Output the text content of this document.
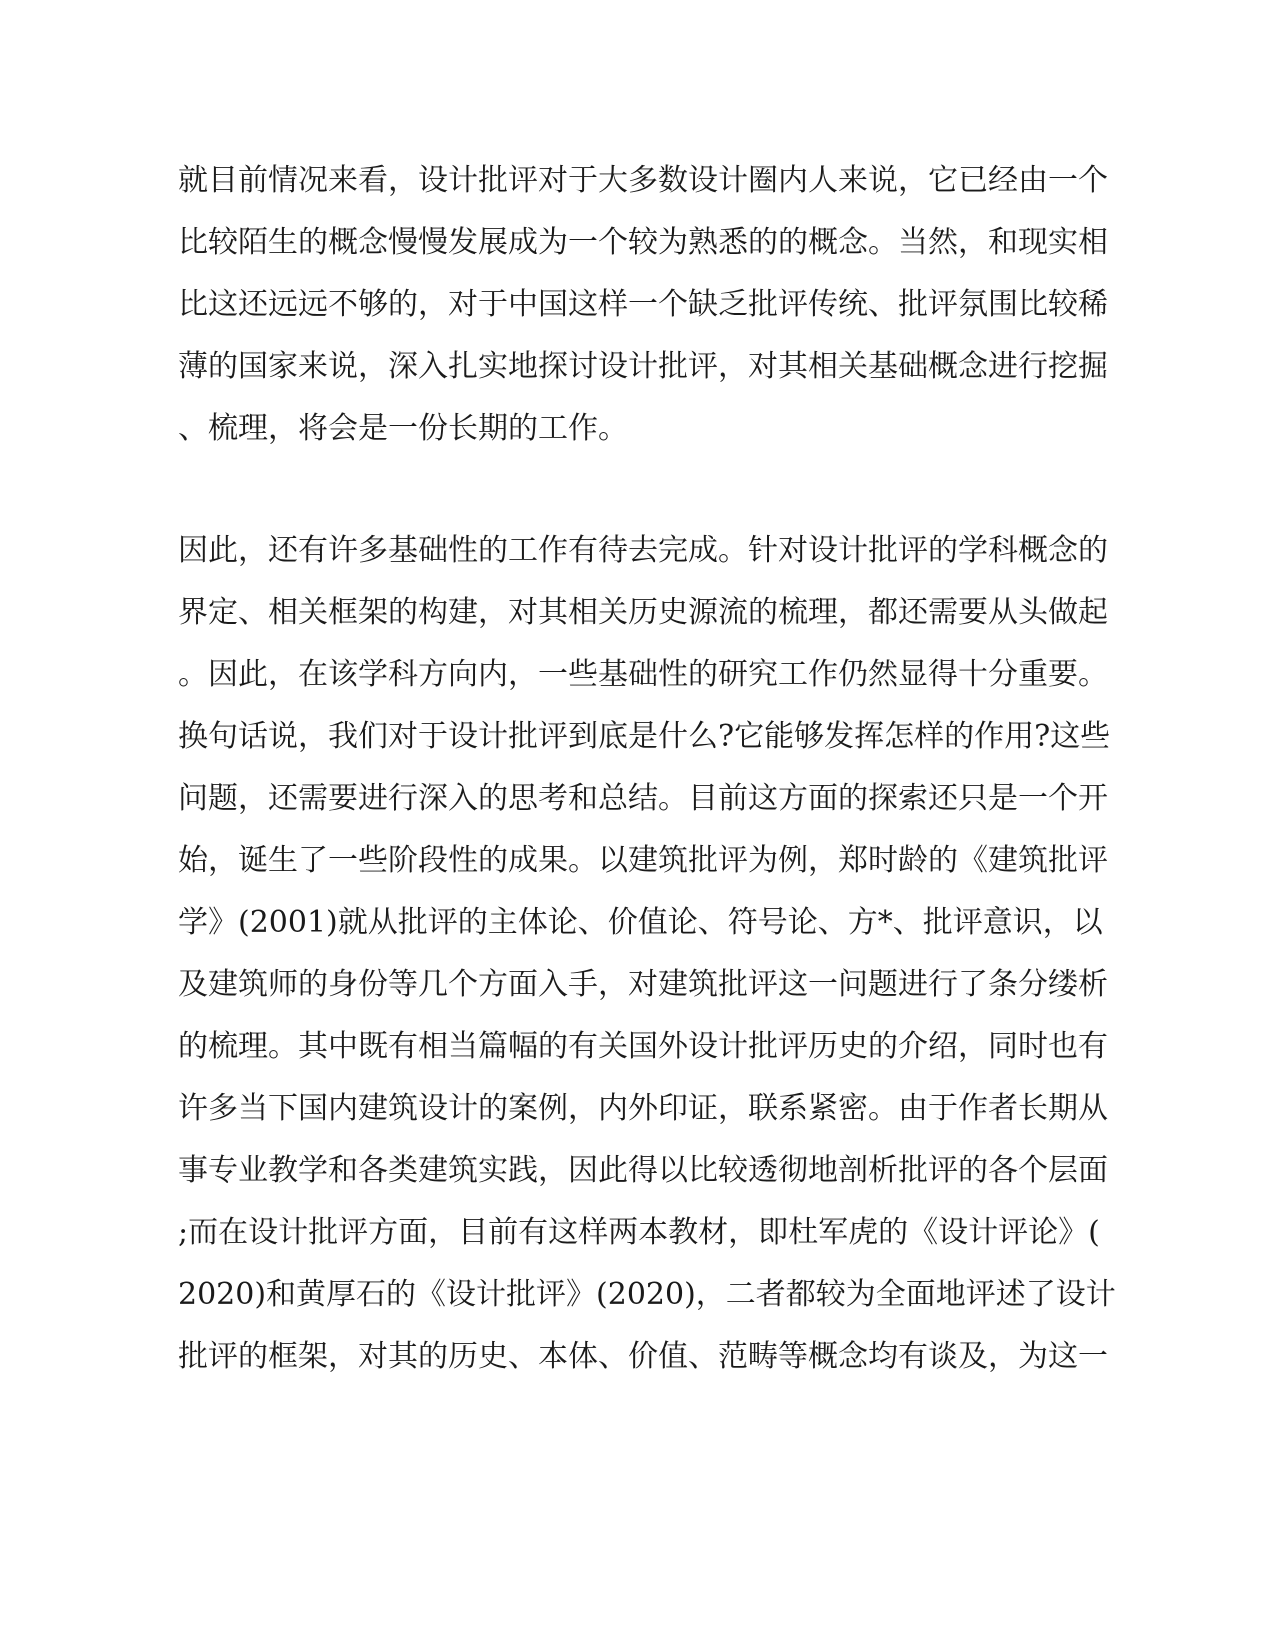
就目前情况来看，设计批评对于大多数设计圈内人来说，它已经由一个
比较陌生的概念慢慢发展成为一个较为熟悉的的概念。当然，和现实相
比这还远远不够的，对于中国这样一个缺乏批评传统、批评氛围比较稀
薄的国家来说，深入扎实地探讨设计批评，对其相关基础概念进行挖掘
、梳理，将会是一份长期的工作。
因此，还有许多基础性的工作有待去完成。针对设计批评的学科概念的
界定、相关框架的构建，对其相关历史源流的梳理，都还需要从头做起
。因此，在该学科方向内，一些基础性的研究工作仍然显得十分重要。
换句话说，我们对于设计批评到底是什么?它能够发挥怎样的作用?这些
问题，还需要进行深入的思考和总结。目前这方面的探索还只是一个开
始，诞生了一些阶段性的成果。以建筑批评为例，郑时龄的《建筑批评
学》(2001)就从批评的主体论、价值论、符号论、方*、批评意识，以
及建筑师的身份等几个方面入手，对建筑批评这一问题进行了条分缕析
的梳理。其中既有相当篇幅的有关国外设计批评历史的介绍，同时也有
许多当下国内建筑设计的案例，内外印证，联系紧密。由于作者长期从
事专业教学和各类建筑实践，因此得以比较透彻地剖析批评的各个层面
;而在设计批评方面，目前有这样两本教材，即杜军虎的《设计评论》(
2020)和黄厚石的《设计批评》(2020)，二者都较为全面地评述了设计
批评的框架，对其的历史、本体、价值、范畴等概念均有谈及，为这一
